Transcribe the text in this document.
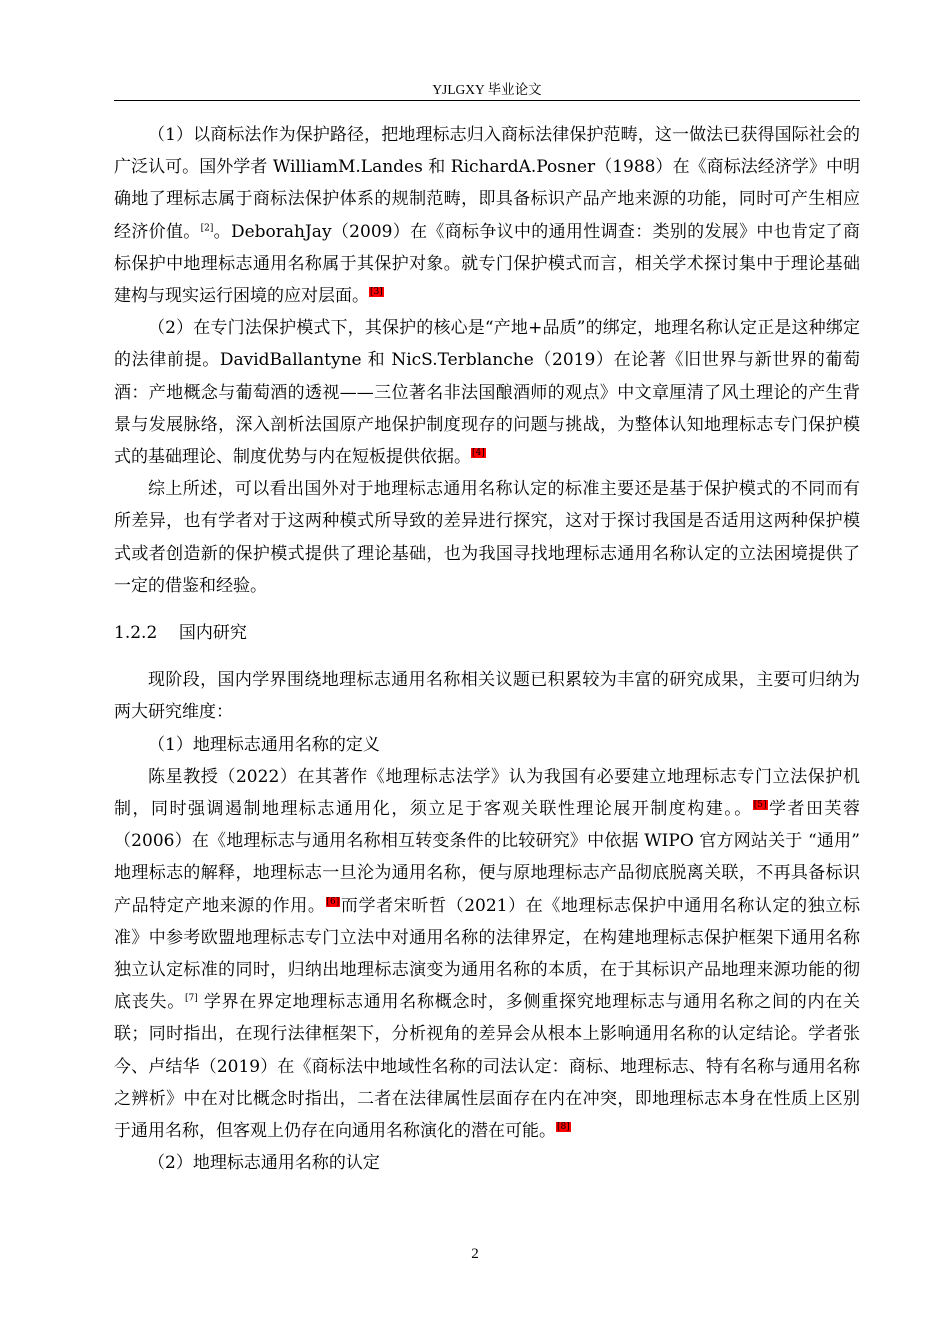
YJLGXY 毕业论文

（1）以商标法作为保护路径，把地理标志归入商标法律保护范畴，这一做法已获得国际社会的广泛认可。国外学者 WilliamM.Landes 和 RichardA.Posner（1988）在《商标法经济学》中明确地了理标志属于商标法保护体系的规制范畴，即具备标识产品产地来源的功能，同时可产生相应经济价值。[2]。DeborahJay（2009）在《商标争议中的通用性调查：类别的发展》中也肯定了商标保护中地理标志通用名称属于其保护对象。就专门保护模式而言，相关学术探讨集中于理论基础建构与现实运行困境的应对层面。[3]

（2）在专门法保护模式下，其保护的核心是“产地+品质”的绑定，地理名称认定正是这种绑定的法律前提。DavidBallantyne 和 NicS.Terblanche（2019）在论著《旧世界与新世界的葡萄酒：产地概念与葡萄酒的透视——三位著名非法国酿酒师的观点》中文章厘清了风土理论的产生背景与发展脉络，深入剖析法国原产地保护制度现存的问题与挑战，为整体认知地理标志专门保护模式的基础理论、制度优势与内在短板提供依据。[4]

综上所述，可以看出国外对于地理标志通用名称认定的标准主要还是基于保护模式的不同而有所差异，也有学者对于这两种模式所导致的差异进行探究，这对于探讨我国是否适用这两种保护模式或者创造新的保护模式提供了理论基础，也为我国寻找地理标志通用名称认定的立法困境提供了一定的借鉴和经验。

1.2.2 国内研究

现阶段，国内学界围绕地理标志通用名称相关议题已积累较为丰富的研究成果，主要可归纳为两大研究维度：

（1）地理标志通用名称的定义

陈星教授（2022）在其著作《地理标志法学》认为我国有必要建立地理标志专门立法保护机制，同时强调遏制地理标志通用化，须立足于客观关联性理论展开制度构建。。[5]学者田芙蓉（2006）在《地理标志与通用名称相互转变条件的比较研究》中依据 WIPO 官方网站关于 “通用” 地理标志的解释，地理标志一旦沦为通用名称，便与原地理标志产品彻底脱离关联，不再具备标识产品特定产地来源的作用。[6]而学者宋昕哲（2021）在《地理标志保护中通用名称认定的独立标准》中参考欧盟地理标志专门立法中对通用名称的法律界定，在构建地理标志保护框架下通用名称独立认定标准的同时，归纳出地理标志演变为通用名称的本质，在于其标识产品地理来源功能的彻底丧失。[7] 学界在界定地理标志通用名称概念时，多侧重探究地理标志与通用名称之间的内在关联；同时指出，在现行法律框架下，分析视角的差异会从根本上影响通用名称的认定结论。学者张今、卢结华（2019）在《商标法中地域性名称的司法认定：商标、地理标志、特有名称与通用名称之辨析》中在对比概念时指出，二者在法律属性层面存在内在冲突，即地理标志本身在性质上区别于通用名称，但客观上仍存在向通用名称演化的潜在可能。[8]

（2）地理标志通用名称的认定

2
